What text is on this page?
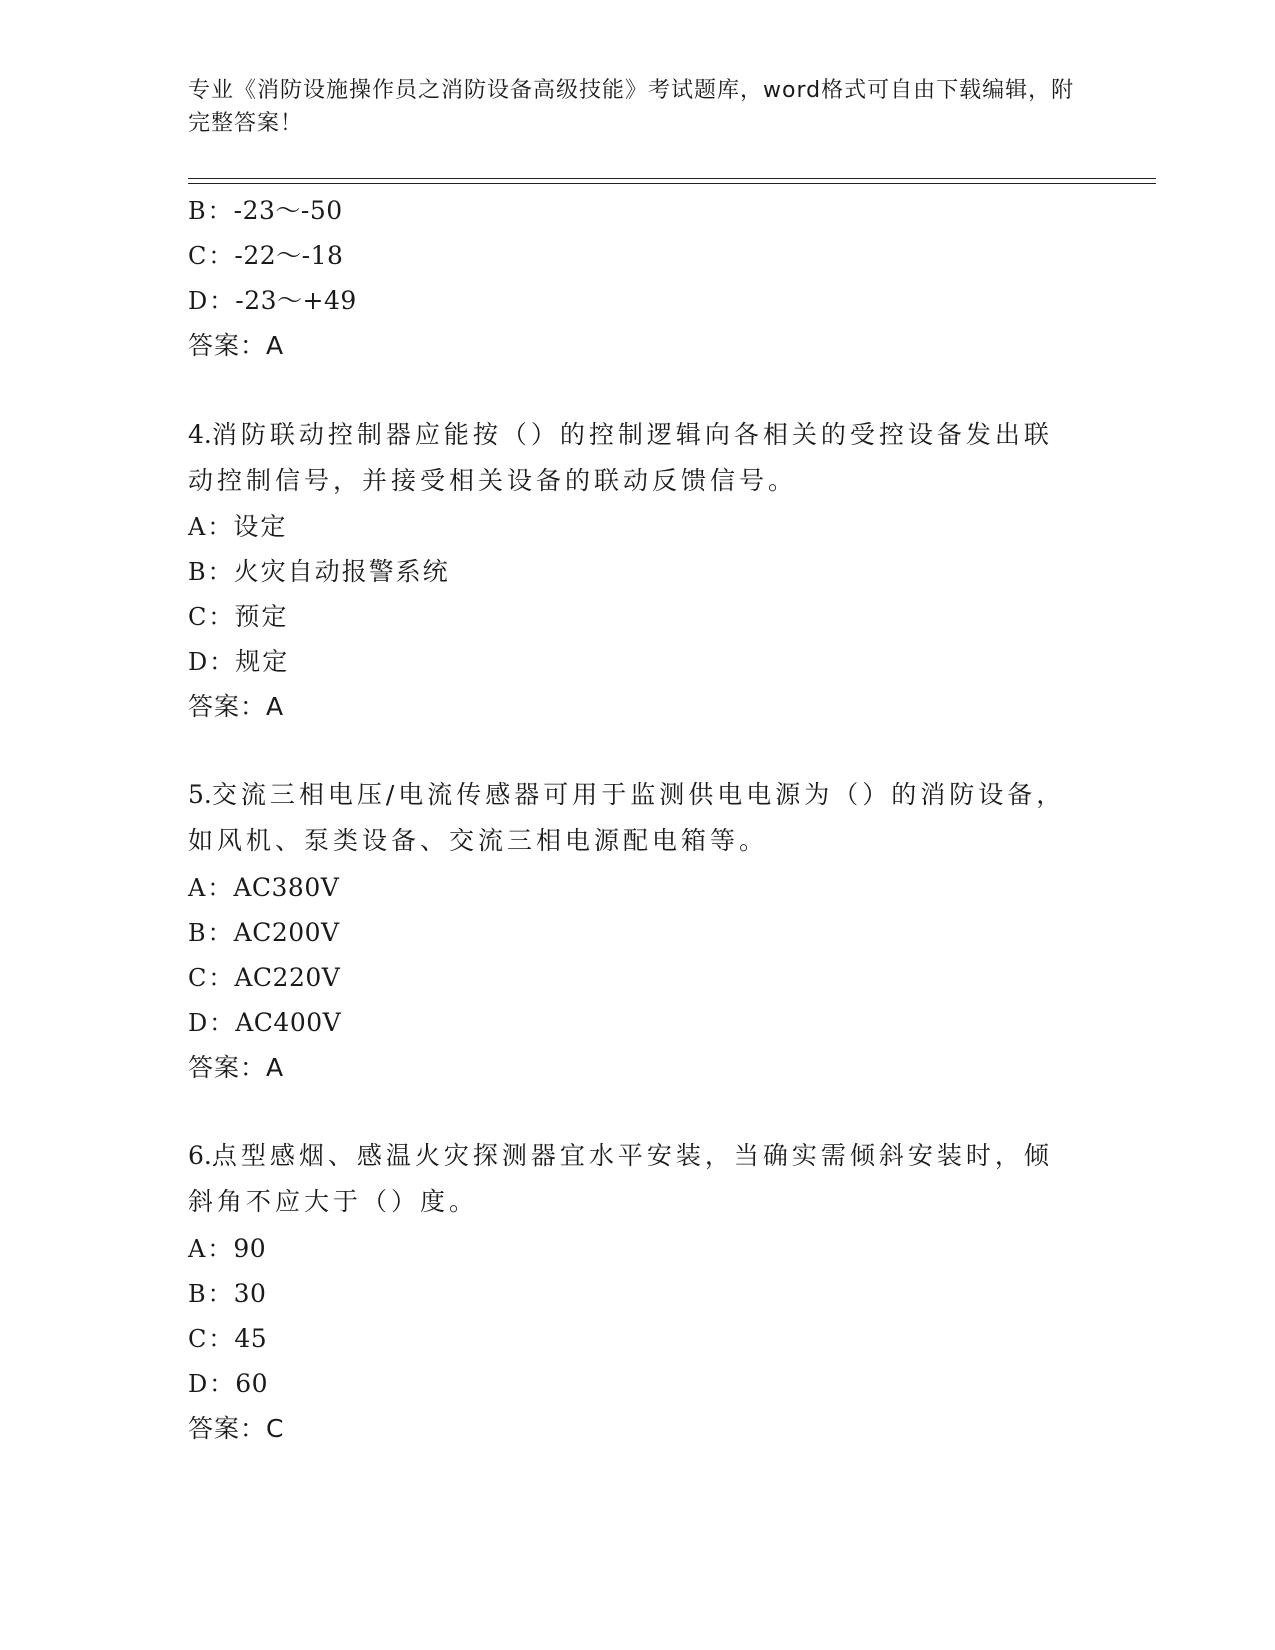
专业《消防设施操作员之消防设备高级技能》考试题库，word格式可自由下载编辑，附完整答案！
B：-23～-50
C：-22～-18
D：-23～+49
答案：A
4.消防联动控制器应能按（）的控制逻辑向各相关的受控设备发出联动控制信号，并接受相关设备的联动反馈信号。
A：设定
B：火灾自动报警系统
C：预定
D：规定
答案：A
5.交流三相电压/电流传感器可用于监测供电电源为（）的消防设备，如风机、泵类设备、交流三相电源配电箱等。
A：AC380V
B：AC200V
C：AC220V
D：AC400V
答案：A
6.点型感烟、感温火灾探测器宜水平安装，当确实需倾斜安装时，倾斜角不应大于（）度。
A：90
B：30
C：45
D：60
答案：C
